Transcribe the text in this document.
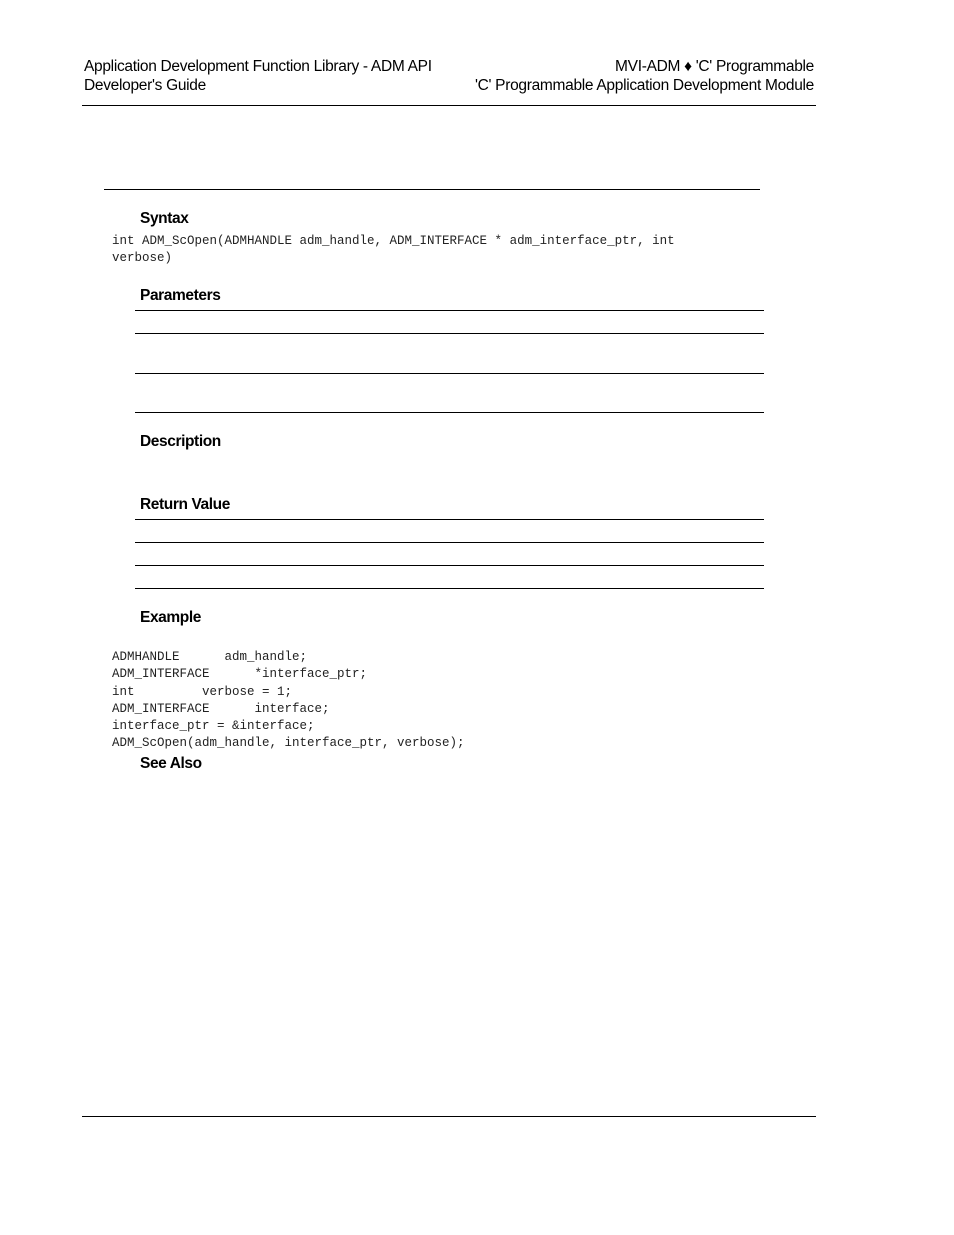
Application Development Function Library - ADM API
Developer's Guide
MVI-ADM ♦ 'C' Programmable
'C' Programmable Application Development Module
Syntax
int ADM_ScOpen(ADMHANDLE adm_handle, ADM_INTERFACE * adm_interface_ptr, int
verbose)
Parameters
Description
Return Value
Example

ADMHANDLE      adm_handle;
ADM_INTERFACE      *interface_ptr;
int         verbose = 1;
ADM_INTERFACE      interface;
interface_ptr = &interface;
ADM_ScOpen(adm_handle, interface_ptr, verbose);

See Also
